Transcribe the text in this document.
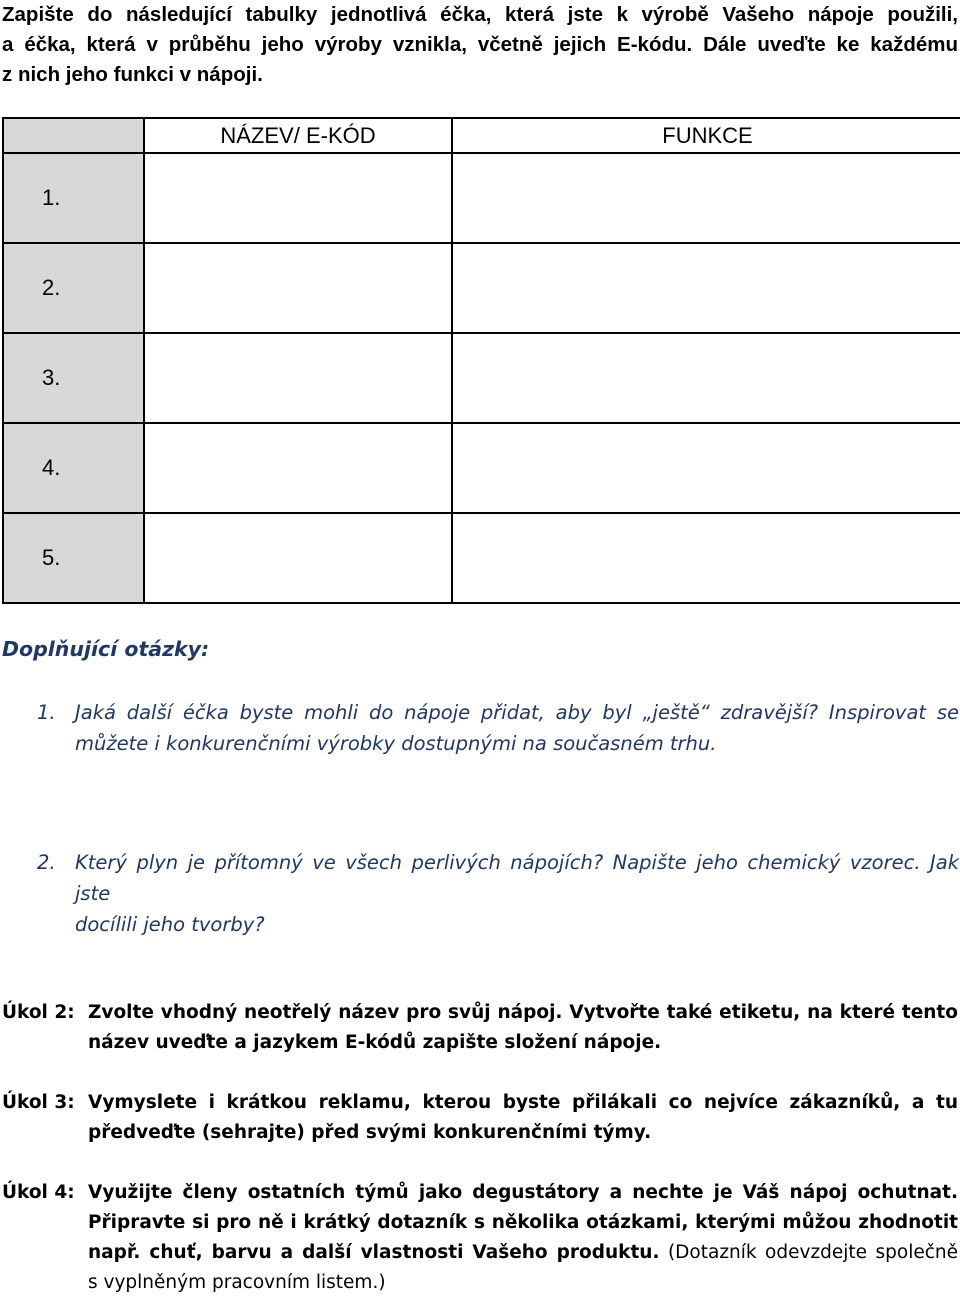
Zapište do následující tabulky jednotlivá éčka, která jste k výrobě Vašeho nápoje použili,
a éčka, která v průběhu jeho výroby vznikla, včetně jejich E-kódu. Dále uveďte ke každému
z nich jeho funkci v nápoji.
	NÁZEV/ E-KÓD	FUNKCE
1.		
2.		
3.		
4.		
5.		
Doplňující otázky:
1. Jaká další éčka byste mohli do nápoje přidat, aby byl „ještě“ zdravější? Inspirovat se
můžete i konkurenčními výrobky dostupnými na současném trhu.
2. Který plyn je přítomný ve všech perlivých nápojích? Napište jeho chemický vzorec. Jak jste
docílili jeho tvorby?
Úkol 2: Zvolte vhodný neotřelý název pro svůj nápoj. Vytvořte také etiketu, na které tento
název uveďte a jazykem E-kódů zapište složení nápoje.
Úkol 3: Vymyslete i krátkou reklamu, kterou byste přilákali co nejvíce zákazníků, a tu
předveďte (sehrajte) před svými konkurenčními týmy.
Úkol 4: Využijte členy ostatních týmů jako degustátory a nechte je Váš nápoj ochutnat.
Připravte si pro ně i krátký dotazník s několika otázkami, kterými můžou zhodnotit
např. chuť, barvu a další vlastnosti Vašeho produktu. (Dotazník odevzdejte společně
s vyplněným pracovním listem.)
